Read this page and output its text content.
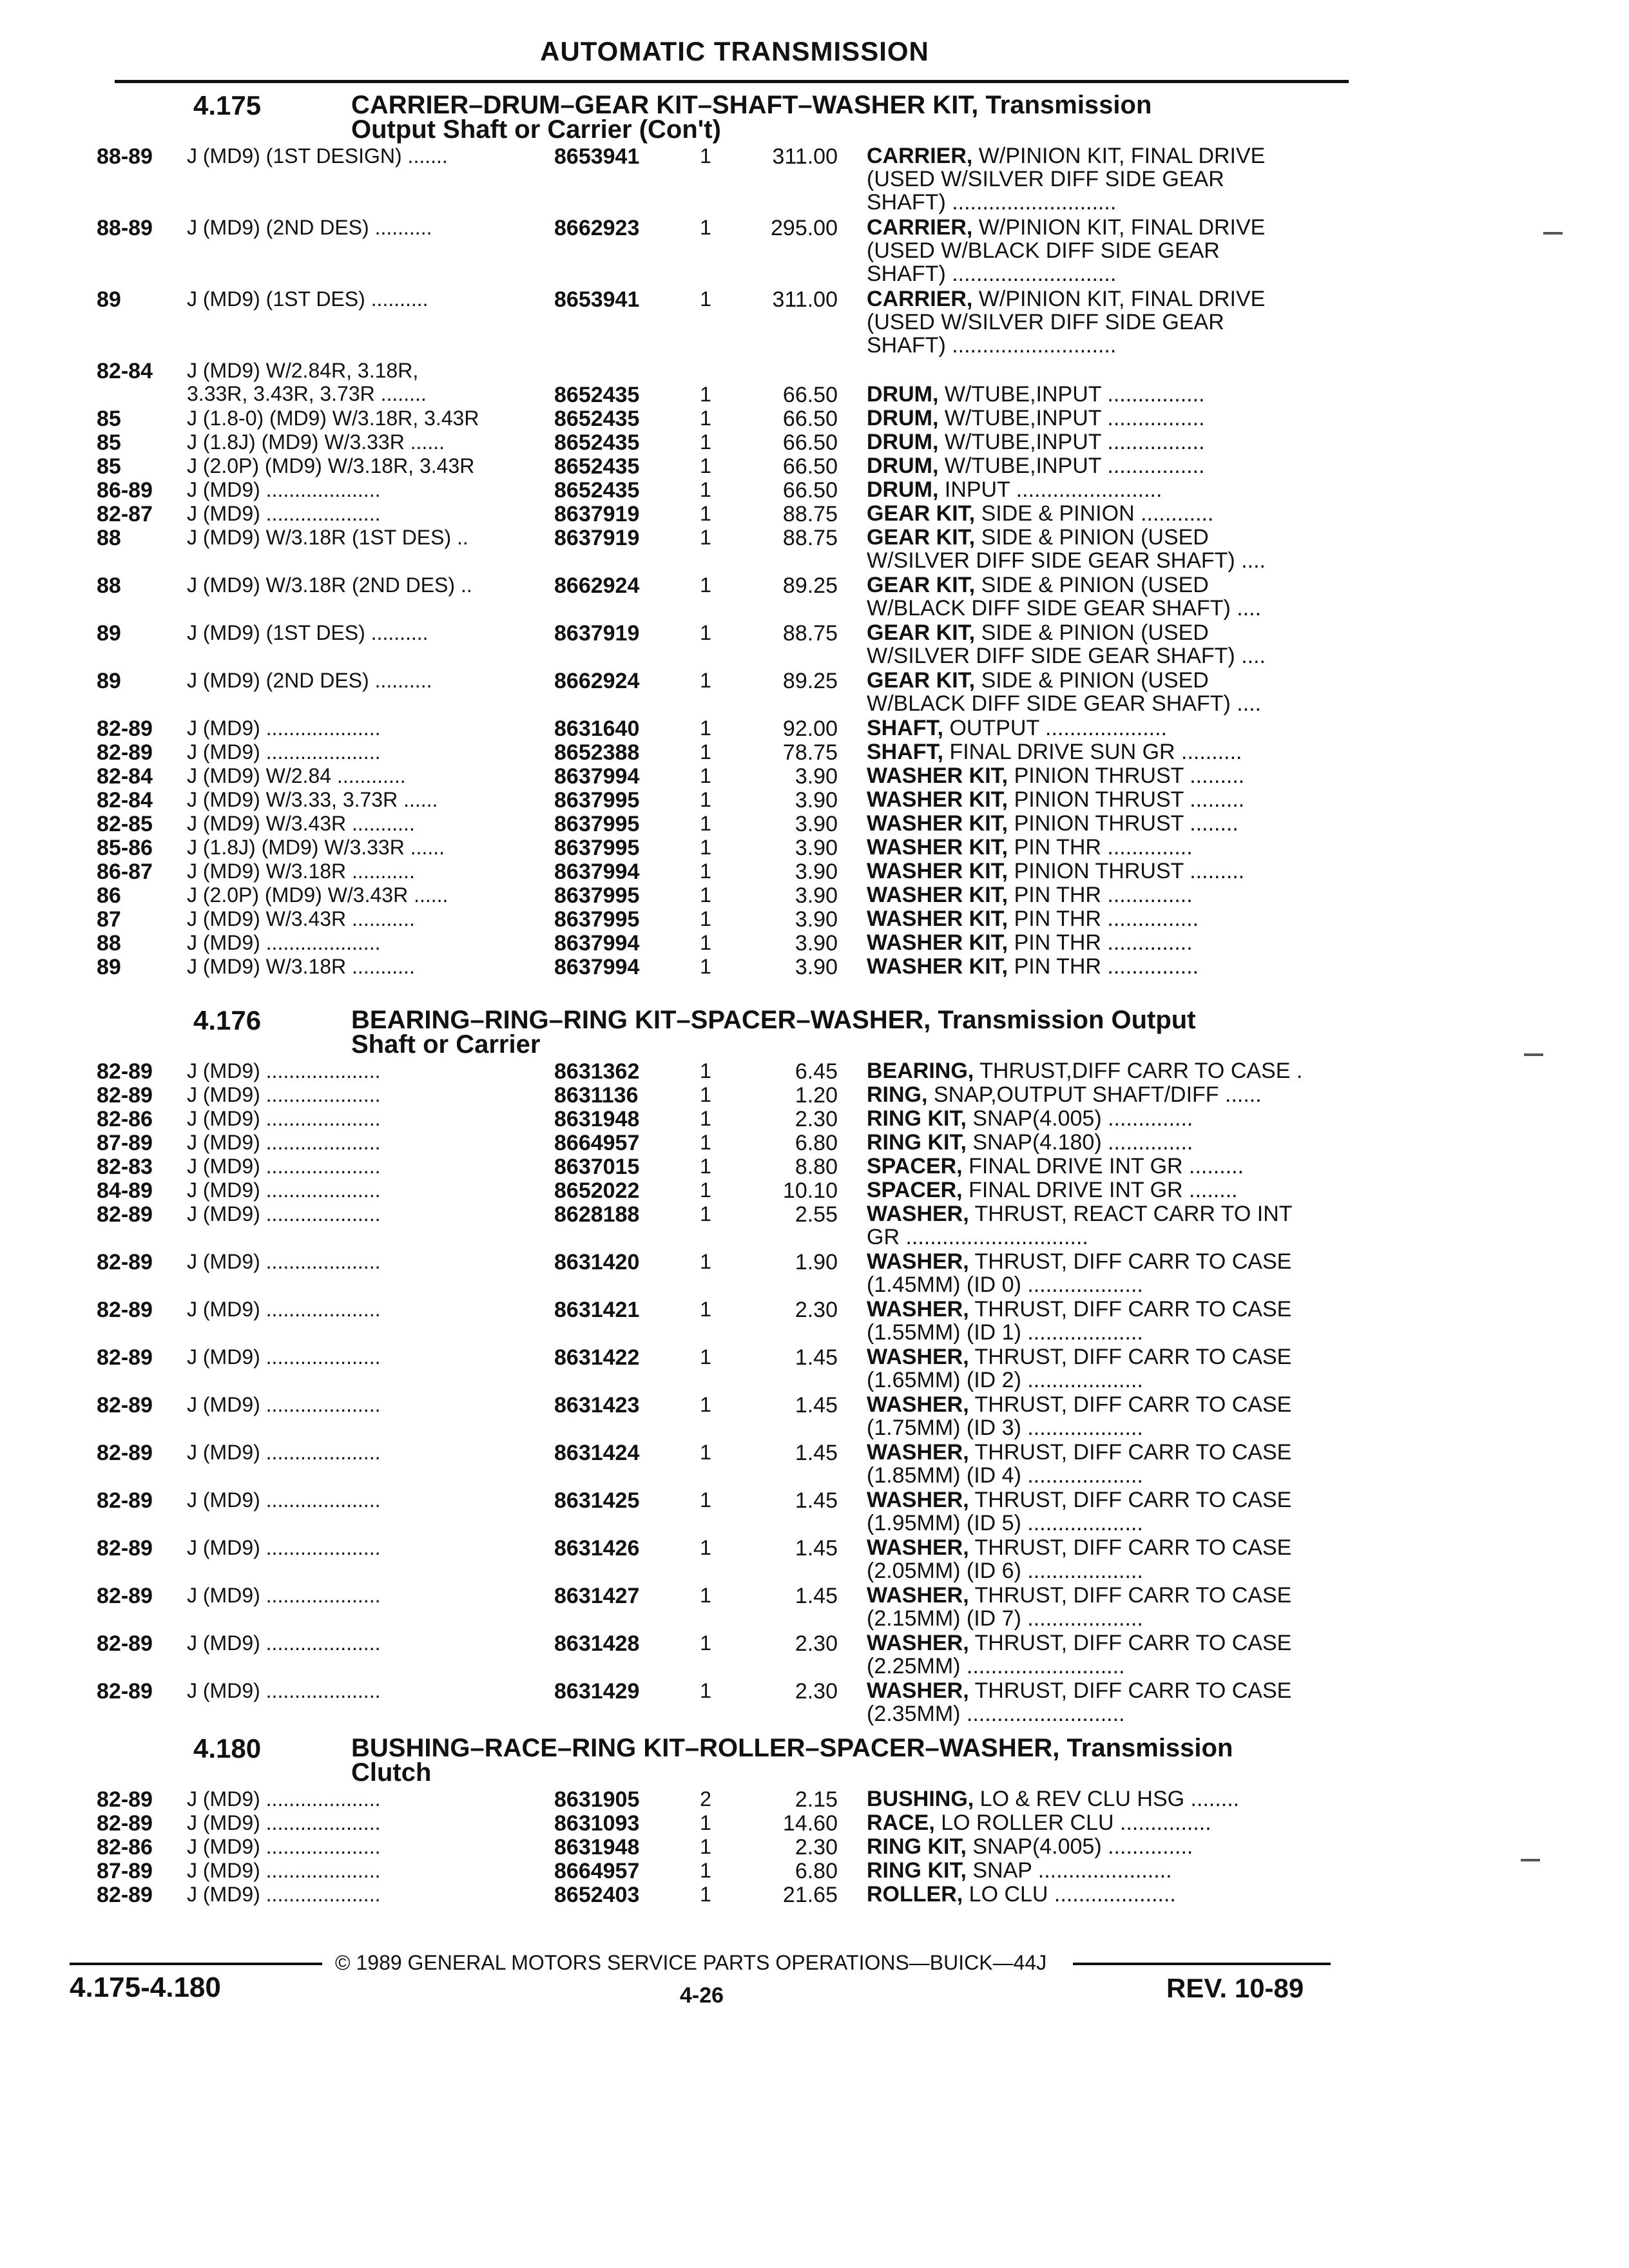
AUTOMATIC TRANSMISSION
4.175	CARRIER–DRUM–GEAR KIT–SHAFT–WASHER KIT, Transmission
Output Shaft or Carrier (Con't)
88-89	J (MD9) (1ST DESIGN) .......	8653941	1	311.00 CARRIER, W/PINION KIT, FINAL DRIVE
(USED W/SILVER DIFF SIDE GEAR
SHAFT) ...........................
88-89	J (MD9) (2ND DES) ..........	8662923	1	295.00 CARRIER, W/PINION KIT, FINAL DRIVE
(USED W/BLACK DIFF SIDE GEAR
SHAFT) ...........................
89	J (MD9) (1ST DES) ..........	8653941	1	311.00 CARRIER, W/PINION KIT, FINAL DRIVE
(USED W/SILVER DIFF SIDE GEAR
SHAFT) ...........................
82-84	J (MD9) W/2.84R, 3.18R,
3.33R, 3.43R, 3.73R ........	8652435	1	66.50 DRUM, W/TUBE,INPUT ................
85	J (1.8-0) (MD9) W/3.18R, 3.43R	8652435	1	66.50 DRUM, W/TUBE,INPUT ................
85	J (1.8J) (MD9) W/3.33R ......	8652435	1	66.50 DRUM, W/TUBE,INPUT ................
85	J (2.0P) (MD9) W/3.18R, 3.43R	8652435	1	66.50 DRUM, W/TUBE,INPUT ................
86-89	J (MD9) ....................	8652435	1	66.50 DRUM, INPUT ........................
82-87	J (MD9) ....................	8637919	1	88.75 GEAR KIT, SIDE & PINION ............
88	J (MD9) W/3.18R (1ST DES) ..	8637919	1	88.75 GEAR KIT, SIDE & PINION (USED
W/SILVER DIFF SIDE GEAR SHAFT) ....
88	J (MD9) W/3.18R (2ND DES) ..	8662924	1	89.25 GEAR KIT, SIDE & PINION (USED
W/BLACK DIFF SIDE GEAR SHAFT) ....
89	J (MD9) (1ST DES) ..........	8637919	1	88.75 GEAR KIT, SIDE & PINION (USED
W/SILVER DIFF SIDE GEAR SHAFT) ....
89	J (MD9) (2ND DES) ..........	8662924	1	89.25 GEAR KIT, SIDE & PINION (USED
W/BLACK DIFF SIDE GEAR SHAFT) ....
82-89	J (MD9) ....................	8631640	1	92.00 SHAFT, OUTPUT ....................
82-89	J (MD9) ....................	8652388	1	78.75 SHAFT, FINAL DRIVE SUN GR ..........
82-84	J (MD9) W/2.84 ............	8637994	1	3.90 WASHER KIT, PINION THRUST .........
82-84	J (MD9) W/3.33, 3.73R ......	8637995	1	3.90 WASHER KIT, PINION THRUST .........
82-85	J (MD9) W/3.43R ...........	8637995	1	3.90 WASHER KIT, PINION THRUST ........
85-86	J (1.8J) (MD9) W/3.33R ......	8637995	1	3.90 WASHER KIT, PIN THR ..............
86-87	J (MD9) W/3.18R ...........	8637994	1	3.90 WASHER KIT, PINION THRUST .........
86	J (2.0P) (MD9) W/3.43R ......	8637995	1	3.90 WASHER KIT, PIN THR ..............
87	J (MD9) W/3.43R ...........	8637995	1	3.90 WASHER KIT, PIN THR ...............
88	J (MD9) ....................	8637994	1	3.90 WASHER KIT, PIN THR ..............
89	J (MD9) W/3.18R ...........	8637994	1	3.90 WASHER KIT, PIN THR ...............
4.176	BEARING–RING–RING KIT–SPACER–WASHER, Transmission Output
Shaft or Carrier
82-89	J (MD9) ....................	8631362	1	6.45 BEARING, THRUST,DIFF CARR TO CASE .
82-89	J (MD9) ....................	8631136	1	1.20 RING, SNAP,OUTPUT SHAFT/DIFF ......
82-86	J (MD9) ....................	8631948	1	2.30 RING KIT, SNAP(4.005) ..............
87-89	J (MD9) ....................	8664957	1	6.80 RING KIT, SNAP(4.180) ..............
82-83	J (MD9) ....................	8637015	1	8.80 SPACER, FINAL DRIVE INT GR .........
84-89	J (MD9) ....................	8652022	1	10.10 SPACER, FINAL DRIVE INT GR ........
82-89	J (MD9) ....................	8628188	1	2.55 WASHER, THRUST, REACT CARR TO INT
GR ..............................
82-89	J (MD9) ....................	8631420	1	1.90 WASHER, THRUST, DIFF CARR TO CASE
(1.45MM) (ID 0) ...................
82-89	J (MD9) ....................	8631421	1	2.30 WASHER, THRUST, DIFF CARR TO CASE
(1.55MM) (ID 1) ...................
82-89	J (MD9) ....................	8631422	1	1.45 WASHER, THRUST, DIFF CARR TO CASE
(1.65MM) (ID 2) ...................
82-89	J (MD9) ....................	8631423	1	1.45 WASHER, THRUST, DIFF CARR TO CASE
(1.75MM) (ID 3) ...................
82-89	J (MD9) ....................	8631424	1	1.45 WASHER, THRUST, DIFF CARR TO CASE
(1.85MM) (ID 4) ...................
82-89	J (MD9) ....................	8631425	1	1.45 WASHER, THRUST, DIFF CARR TO CASE
(1.95MM) (ID 5) ...................
82-89	J (MD9) ....................	8631426	1	1.45 WASHER, THRUST, DIFF CARR TO CASE
(2.05MM) (ID 6) ...................
82-89	J (MD9) ....................	8631427	1	1.45 WASHER, THRUST, DIFF CARR TO CASE
(2.15MM) (ID 7) ...................
82-89	J (MD9) ....................	8631428	1	2.30 WASHER, THRUST, DIFF CARR TO CASE
(2.25MM) ..........................
82-89	J (MD9) ....................	8631429	1	2.30 WASHER, THRUST, DIFF CARR TO CASE
(2.35MM) ..........................
4.180	BUSHING–RACE–RING KIT–ROLLER–SPACER–WASHER, Transmission
Clutch
82-89	J (MD9) ....................	8631905	2	2.15 BUSHING, LO & REV CLU HSG ........
82-89	J (MD9) ....................	8631093	1	14.60 RACE, LO ROLLER CLU ...............
82-86	J (MD9) ....................	8631948	1	2.30 RING KIT, SNAP(4.005) ..............
87-89	J (MD9) ....................	8664957	1	6.80 RING KIT, SNAP ......................
82-89	J (MD9) ....................	8652403	1	21.65 ROLLER, LO CLU ....................
© 1989 GENERAL MOTORS SERVICE PARTS OPERATIONS—BUICK—44J
4.175-4.180	4-26	REV. 10-89
